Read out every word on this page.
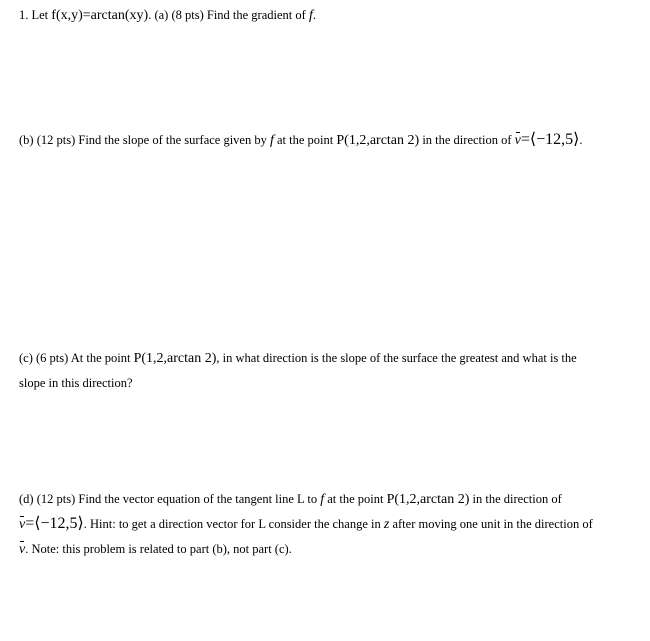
1. Let f(x,y)=arctan(xy). (a) (8 pts) Find the gradient of f.
(b) (12 pts) Find the slope of the surface given by f at the point P(1,2,arctan 2) in the direction of v=⟨−12,5⟩.
(c) (6 pts) At the point P(1,2,arctan 2), in what direction is the slope of the surface the greatest and what is the
slope in this direction?
(d) (12 pts) Find the vector equation of the tangent line L to f at the point P(1,2,arctan 2) in the direction of
v=⟨−12,5⟩. Hint: to get a direction vector for L consider the change in z after moving one unit in the direction of
v. Note: this problem is related to part (b), not part (c).
